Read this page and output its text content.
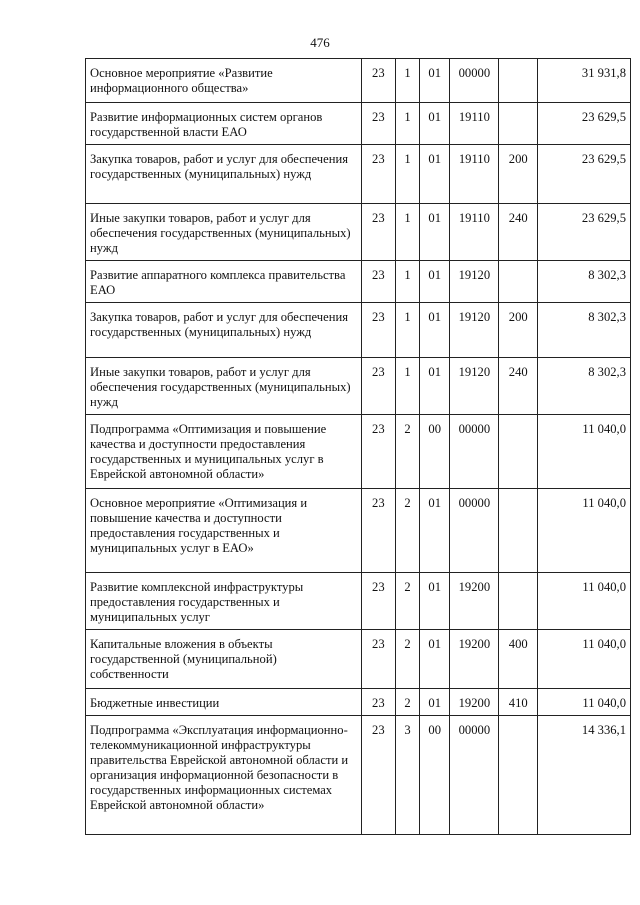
476
Основное мероприятие «Развитие информационного общества»	23	1	01	00000		31 931,8
Развитие информационных систем органов государственной власти ЕАО	23	1	01	19110		23 629,5
Закупка товаров, работ и услуг для обеспечения государственных (муниципальных) нужд	23	1	01	19110	200	23 629,5
Иные закупки товаров, работ и услуг для обеспечения государственных (муниципальных) нужд	23	1	01	19110	240	23 629,5
Развитие аппаратного комплекса правительства ЕАО	23	1	01	19120		8 302,3
Закупка товаров, работ и услуг для обеспечения государственных (муниципальных) нужд	23	1	01	19120	200	8 302,3
Иные закупки товаров, работ и услуг для обеспечения государственных (муниципальных) нужд	23	1	01	19120	240	8 302,3
Подпрограмма «Оптимизация и повышение качества и доступности предоставления государственных и муниципальных услуг в Еврейской автономной области»	23	2	00	00000		11 040,0
Основное мероприятие «Оптимизация и повышение качества и доступности предоставления государственных и муниципальных услуг в ЕАО»	23	2	01	00000		11 040,0
Развитие комплексной инфраструктуры предоставления государственных и муниципальных услуг	23	2	01	19200		11 040,0
Капитальные вложения в объекты государственной (муниципальной) собственности	23	2	01	19200	400	11 040,0
Бюджетные инвестиции	23	2	01	19200	410	11 040,0
Подпрограмма «Эксплуатация информационно-телекоммуникационной инфраструктуры правительства Еврейской автономной области и организация информационной безопасности в государственных информационных системах Еврейской автономной области»	23	3	00	00000		14 336,1
